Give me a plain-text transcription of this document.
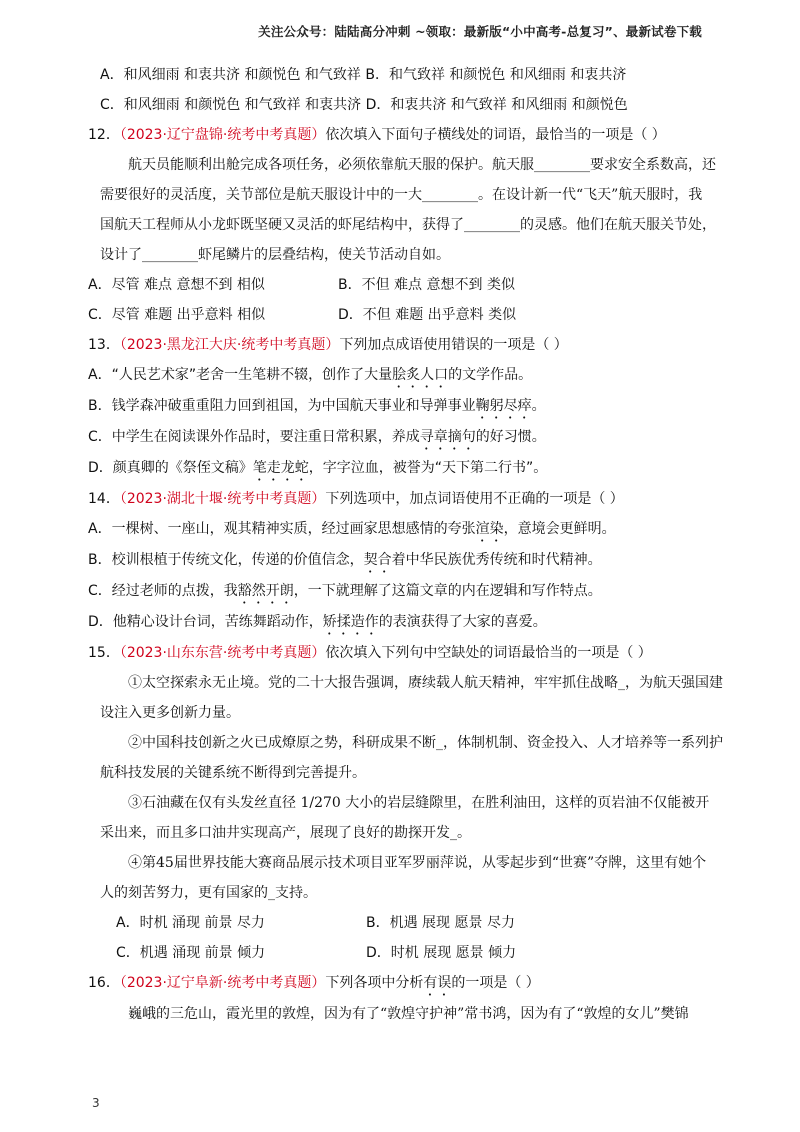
关注公众号：陆陆高分冲刺 ~领取：最新版“小中高考-总复习”、最新试卷下载
A．和风细雨 和衷共济 和颜悦色 和气致祥 B．和气致祥 和颜悦色 和风细雨 和衷共济
C．和风细雨 和颜悦色 和气致祥 和衷共济 D．和衷共济 和气致祥 和风细雨 和颜悦色
12．（2023·辽宁盘锦·统考中考真题）依次填入下面句子横线处的词语，最恰当的一项是（ ）
航天员能顺利出舱完成各项任务，必须依靠航天服的保护。航天服________要求安全系数高，还
需要很好的灵活度，关节部位是航天服设计中的一大________。在设计新一代“飞天”航天服时，我
国航天工程师从小龙虾既坚硬又灵活的虾尾结构中，获得了________的灵感。他们在航天服关节处，
设计了________虾尾鳞片的层叠结构，使关节活动自如。
A．尽管 难点 意想不到 相似	B．不但 难点 意想不到 类似
C．尽管 难题 出乎意料 相似	D．不但 难题 出乎意料 类似
13．（2023·黑龙江大庆·统考中考真题）下列加点成语使用错误的一项是（ ）
A．“人民艺术家”老舍一生笔耕不辍，创作了大量脍炙人口的文学作品。
B．钱学森冲破重重阻力回到祖国，为中国航天事业和导弹事业鞠躬尽瘁。
C．中学生在阅读课外作品时，要注重日常积累，养成寻章摘句的好习惯。
D．颜真卿的《祭侄文稿》笔走龙蛇，字字泣血，被誉为“天下第二行书”。
14．（2023·湖北十堰·统考中考真题）下列选项中，加点词语使用不正确的一项是（ ）
A．一棵树、一座山，观其精神实质，经过画家思想感情的夸张渲染，意境会更鲜明。
B．校训根植于传统文化，传递的价值信念，契合着中华民族优秀传统和时代精神。
C．经过老师的点拨，我豁然开朗，一下就理解了这篇文章的内在逻辑和写作特点。
D．他精心设计台词，苦练舞蹈动作，矫揉造作的表演获得了大家的喜爱。
15．（2023·山东东营·统考中考真题）依次填入下列句中空缺处的词语最恰当的一项是（ ）
①太空探索永无止境。党的二十大报告强调，赓续载人航天精神，牢牢抓住战略_，为航天强国建
设注入更多创新力量。
②中国科技创新之火已成燎原之势，科研成果不断_，体制机制、资金投入、人才培养等一系列护
航科技发展的关键系统不断得到完善提升。
③石油藏在仅有头发丝直径 1/270 大小的岩层缝隙里，在胜利油田，这样的页岩油不仅能被开
采出来，而且多口油井实现高产，展现了良好的勘探开发_。
④第45届世界技能大赛商品展示技术项目亚军罗丽萍说，从零起步到“世赛”夺牌，这里有她个
人的刻苦努力，更有国家的_支持。
A．时机 涌现 前景 尽力	B．机遇 展现 愿景 尽力
C．机遇 涌现 前景 倾力	D．时机 展现 愿景 倾力
16．（2023·辽宁阜新·统考中考真题）下列各项中分析有误的一项是（ ）
巍峨的三危山，霞光里的敦煌，因为有了“敦煌守护神”常书鸿，因为有了“敦煌的女儿”樊锦
3
